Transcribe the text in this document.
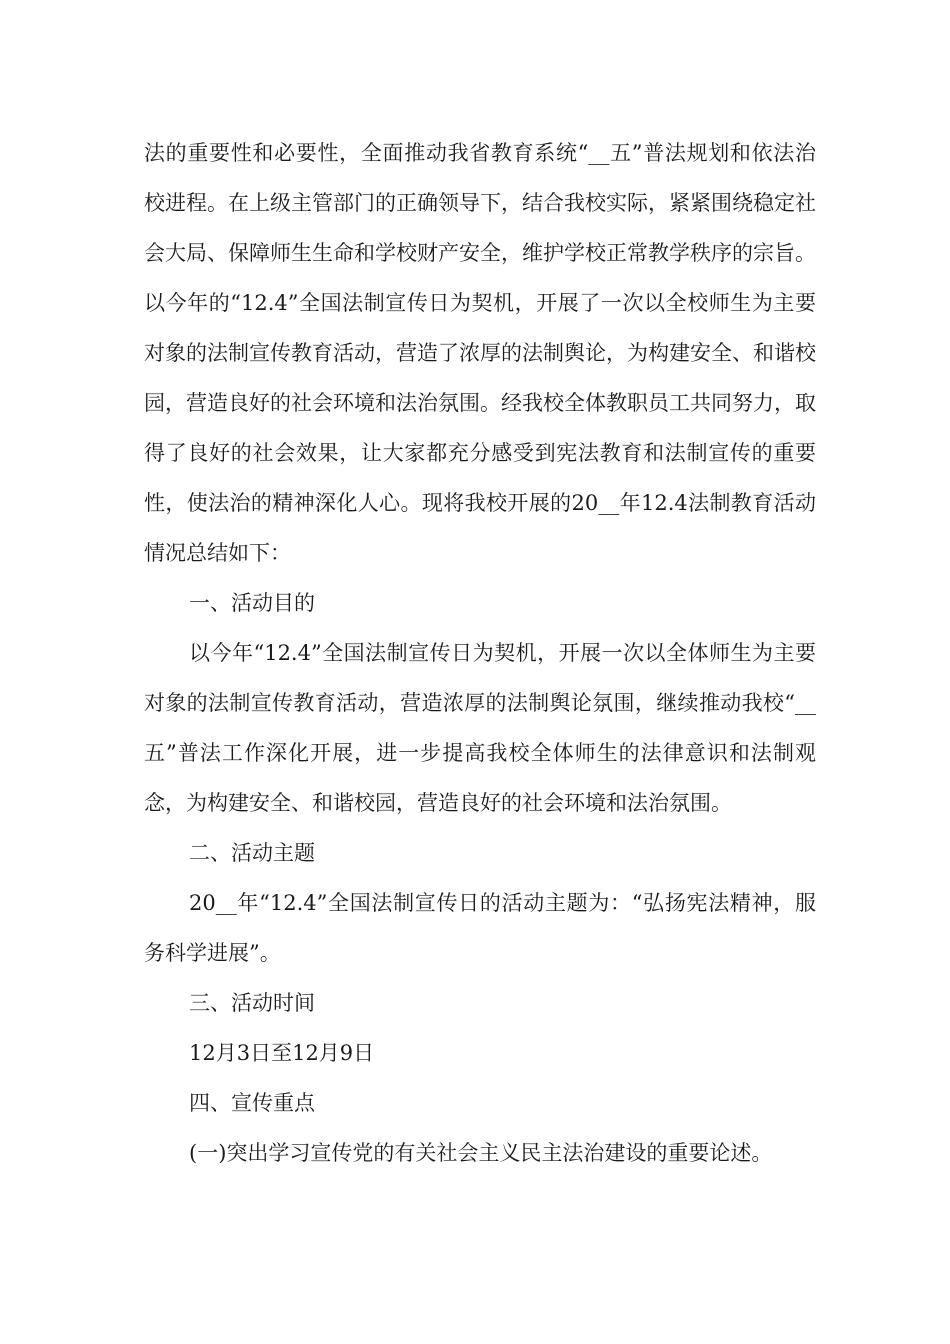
法的重要性和必要性，全面推动我省教育系统“__五”普法规划和依法治校进程。在上级主管部门的正确领导下，结合我校实际，紧紧围绕稳定社会大局、保障师生生命和学校财产安全，维护学校正常教学秩序的宗旨。以今年的“12.4”全国法制宣传日为契机，开展了一次以全校师生为主要对象的法制宣传教育活动，营造了浓厚的法制舆论，为构建安全、和谐校园，营造良好的社会环境和法治氛围。经我校全体教职员工共同努力，取得了良好的社会效果，让大家都充分感受到宪法教育和法制宣传的重要性，使法治的精神深化人心。现将我校开展的20__年12.4法制教育活动情况总结如下：

一、活动目的

以今年“12.4”全国法制宣传日为契机，开展一次以全体师生为主要对象的法制宣传教育活动，营造浓厚的法制舆论氛围，继续推动我校“__五”普法工作深化开展，进一步提高我校全体师生的法律意识和法制观念，为构建安全、和谐校园，营造良好的社会环境和法治氛围。

二、活动主题

20__年“12.4”全国法制宣传日的活动主题为：“弘扬宪法精神，服务科学进展”。

三、活动时间

12月3日至12月9日

四、宣传重点

(一)突出学习宣传党的有关社会主义民主法治建设的重要论述。
